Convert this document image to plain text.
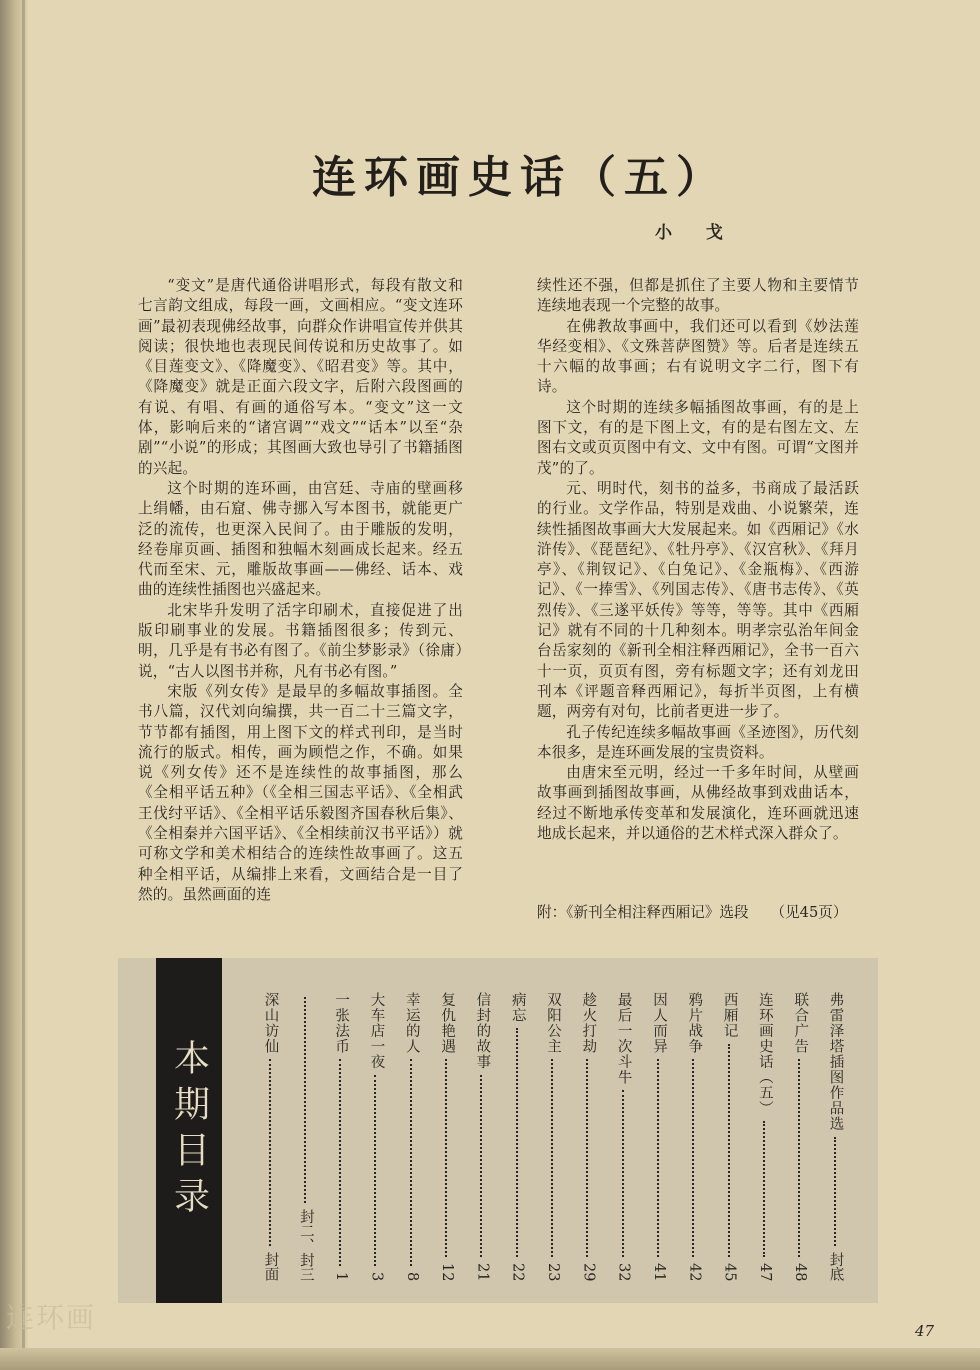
连环画史话（五）
小 戈

“变文”是唐代通俗讲唱形式，每段有散文和七言韵文组成，每段一画，文画相应。“变文连环画”最初表现佛经故事，向群众作讲唱宣传并供其阅读；很快地也表现民间传说和历史故事了。如《目莲变文》、《降魔变》、《昭君变》等。其中，《降魔变》就是正面六段文字，后附六段图画的有说、有唱、有画的通俗写本。“变文”这一文体，影响后来的“诸宫调”“戏文”“话本”以至“杂剧”“小说”的形成；其图画大致也导引了书籍插图的兴起。

这个时期的连环画，由宫廷、寺庙的壁画移上绢幡，由石窟、佛寺挪入写本图书，就能更广泛的流传，也更深入民间了。由于雕版的发明，经卷扉页画、插图和独幅木刻画成长起来。经五代而至宋、元，雕版故事画——佛经、话本、戏曲的连续性插图也兴盛起来。

北宋毕升发明了活字印刷术，直接促进了出版印刷事业的发展。书籍插图很多；传到元、明，几乎是有书必有图了。《前尘梦影录》（徐庸）说，“古人以图书并称，凡有书必有图。”

宋版《列女传》是最早的多幅故事插图。全书八篇，汉代刘向编撰，共一百二十三篇文字，节节都有插图，用上图下文的样式刊印，是当时流行的版式。相传，画为顾恺之作，不确。如果说《列女传》还不是连续性的故事插图，那么《全相平话五种》（《全相三国志平话》、《全相武王伐纣平话》、《全相平话乐毅图齐国春秋后集》、《全相秦并六国平话》、《全相续前汉书平话》）就可称文学和美术相结合的连续性故事画了。这五种全相平话，从编排上来看，文画结合是一目了然的。虽然画面的连

续性还不强，但都是抓住了主要人物和主要情节连续地表现一个完整的故事。

在佛教故事画中，我们还可以看到《妙法莲华经变相》、《文殊菩萨图赞》等。后者是连续五十六幅的故事画；右有说明文字二行，图下有诗。

这个时期的连续多幅插图故事画，有的是上图下文，有的是下图上文，有的是右图左文、左图右文或页页图中有文、文中有图。可谓“文图并茂”的了。

元、明时代，刻书的益多，书商成了最活跃的行业。文学作品，特别是戏曲、小说繁荣，连续性插图故事画大大发展起来。如《西厢记》《水浒传》、《琵琶纪》、《牡丹亭》、《汉宫秋》、《拜月亭》、《荆钗记》、《白兔记》、《金瓶梅》、《西游记》、《一捧雪》、《列国志传》、《唐书志传》、《英烈传》、《三遂平妖传》等等，等等。其中《西厢记》就有不同的十几种刻本。明孝宗弘治年间金台岳家刻的《新刊全相注释西厢记》，全书一百六十一页，页页有图，旁有标题文字；还有刘龙田刊本《评题音释西厢记》，每折半页图，上有横题，两旁有对句，比前者更进一步了。

孔子传纪连续多幅故事画《圣迹图》，历代刻本很多，是连环画发展的宝贵资料。

由唐宋至元明，经过一千多年时间，从壁画故事画到插图故事画，从佛经故事到戏曲话本，经过不断地承传变革和发展演化，连环画就迅速地成长起来，并以通俗的艺术样式深入群众了。

附：《新刊全相注释西厢记》选段　　（见45页）
本期目录	弗雷泽塔插图作品选
封底
联合广告
48
连环画史话（五）
47
西厢记
45
鸦片战争
42
因人而异
41
最后一次斗牛
32
趁火打劫
29
双阳公主
23
病忘
22
信封的故事
21
复仇艳遇
12
幸运的人
8
大车店一夜
3
一张法币
1
封二、封三
深山访仙
封面
47
连环画
